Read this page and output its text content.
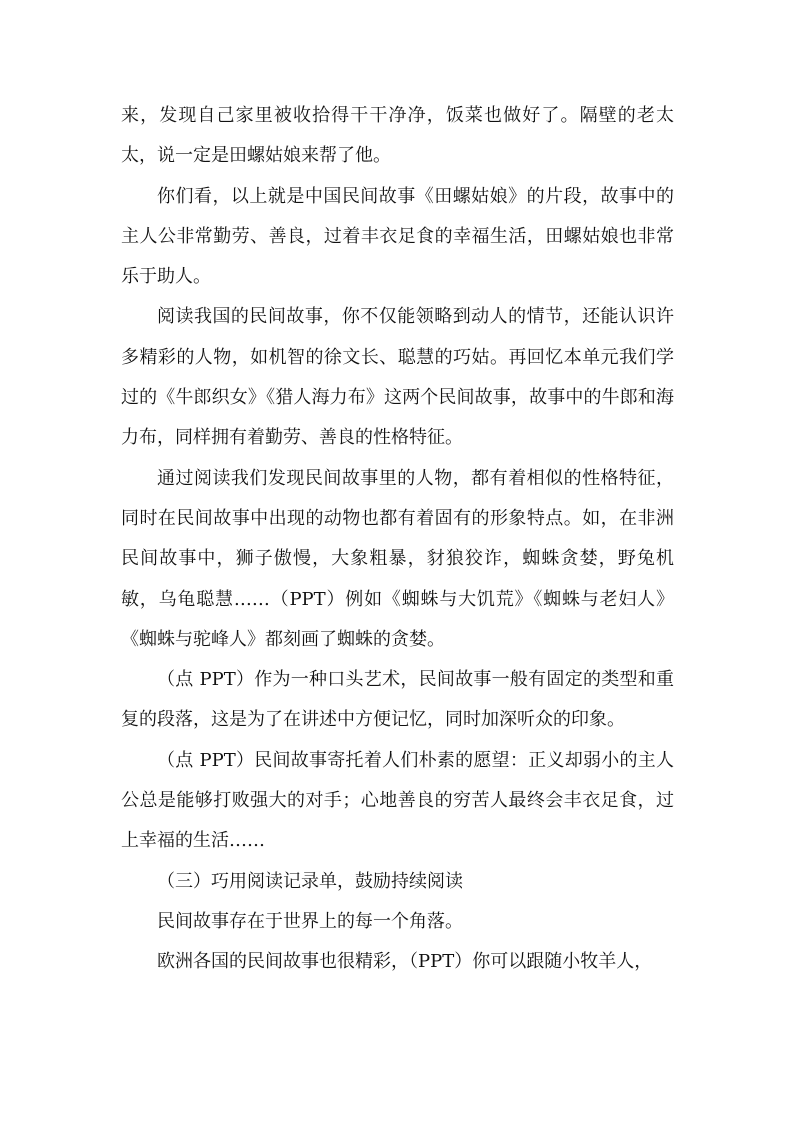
来，发现自己家里被收拾得干干净净，饭菜也做好了。隔壁的老太太，说一定是田螺姑娘来帮了他。

你们看，以上就是中国民间故事《田螺姑娘》的片段，故事中的主人公非常勤劳、善良，过着丰衣足食的幸福生活，田螺姑娘也非常乐于助人。

阅读我国的民间故事，你不仅能领略到动人的情节，还能认识许多精彩的人物，如机智的徐文长、聪慧的巧姑。再回忆本单元我们学过的《牛郎织女》《猎人海力布》这两个民间故事，故事中的牛郎和海力布，同样拥有着勤劳、善良的性格特征。

通过阅读我们发现民间故事里的人物，都有着相似的性格特征，同时在民间故事中出现的动物也都有着固有的形象特点。如，在非洲民间故事中，狮子傲慢，大象粗暴，豺狼狡诈，蜘蛛贪婪，野兔机敏，乌龟聪慧……（PPT）例如《蜘蛛与大饥荒》《蜘蛛与老妇人》《蜘蛛与驼峰人》都刻画了蜘蛛的贪婪。

（点 PPT）作为一种口头艺术，民间故事一般有固定的类型和重复的段落，这是为了在讲述中方便记忆，同时加深听众的印象。

（点 PPT）民间故事寄托着人们朴素的愿望：正义却弱小的主人公总是能够打败强大的对手；心地善良的穷苦人最终会丰衣足食，过上幸福的生活……

（三）巧用阅读记录单，鼓励持续阅读

民间故事存在于世界上的每一个角落。

欧洲各国的民间故事也很精彩，（PPT）你可以跟随小牧羊人，
